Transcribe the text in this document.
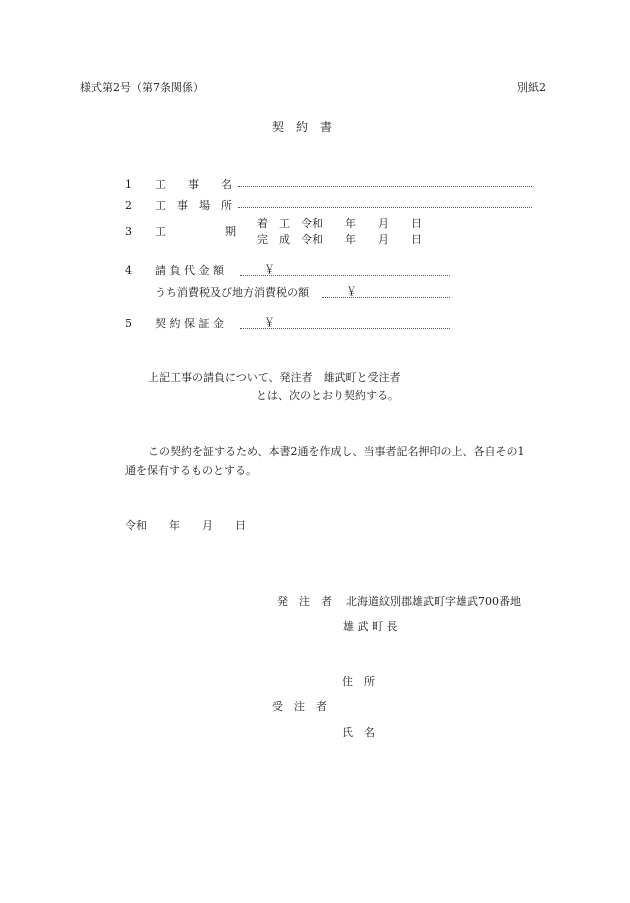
様式第2号（第7条関係）	別紙2
契　約　書
1 工　　事　　名
2 工　事　場　所
3 工	期
着　工　令和　　年　　月　　日
完　成　令和　　年　　月　　日
4 請 負 代 金 額	￥
うち消費税及び地方消費税の額	￥
5 契 約 保 証 金	￥
上記工事の請負について、発注者　雄武町と受注者
とは、次のとおり契約する。
この契約を証するため、本書2通を作成し、当事者記名押印の上、各自その1
通を保有するものとする。
令和　　年　　月　　日
発　注　者 北海道紋別郡雄武町字雄武700番地
雄 武 町 長
住　所
受　注　者
氏　名
